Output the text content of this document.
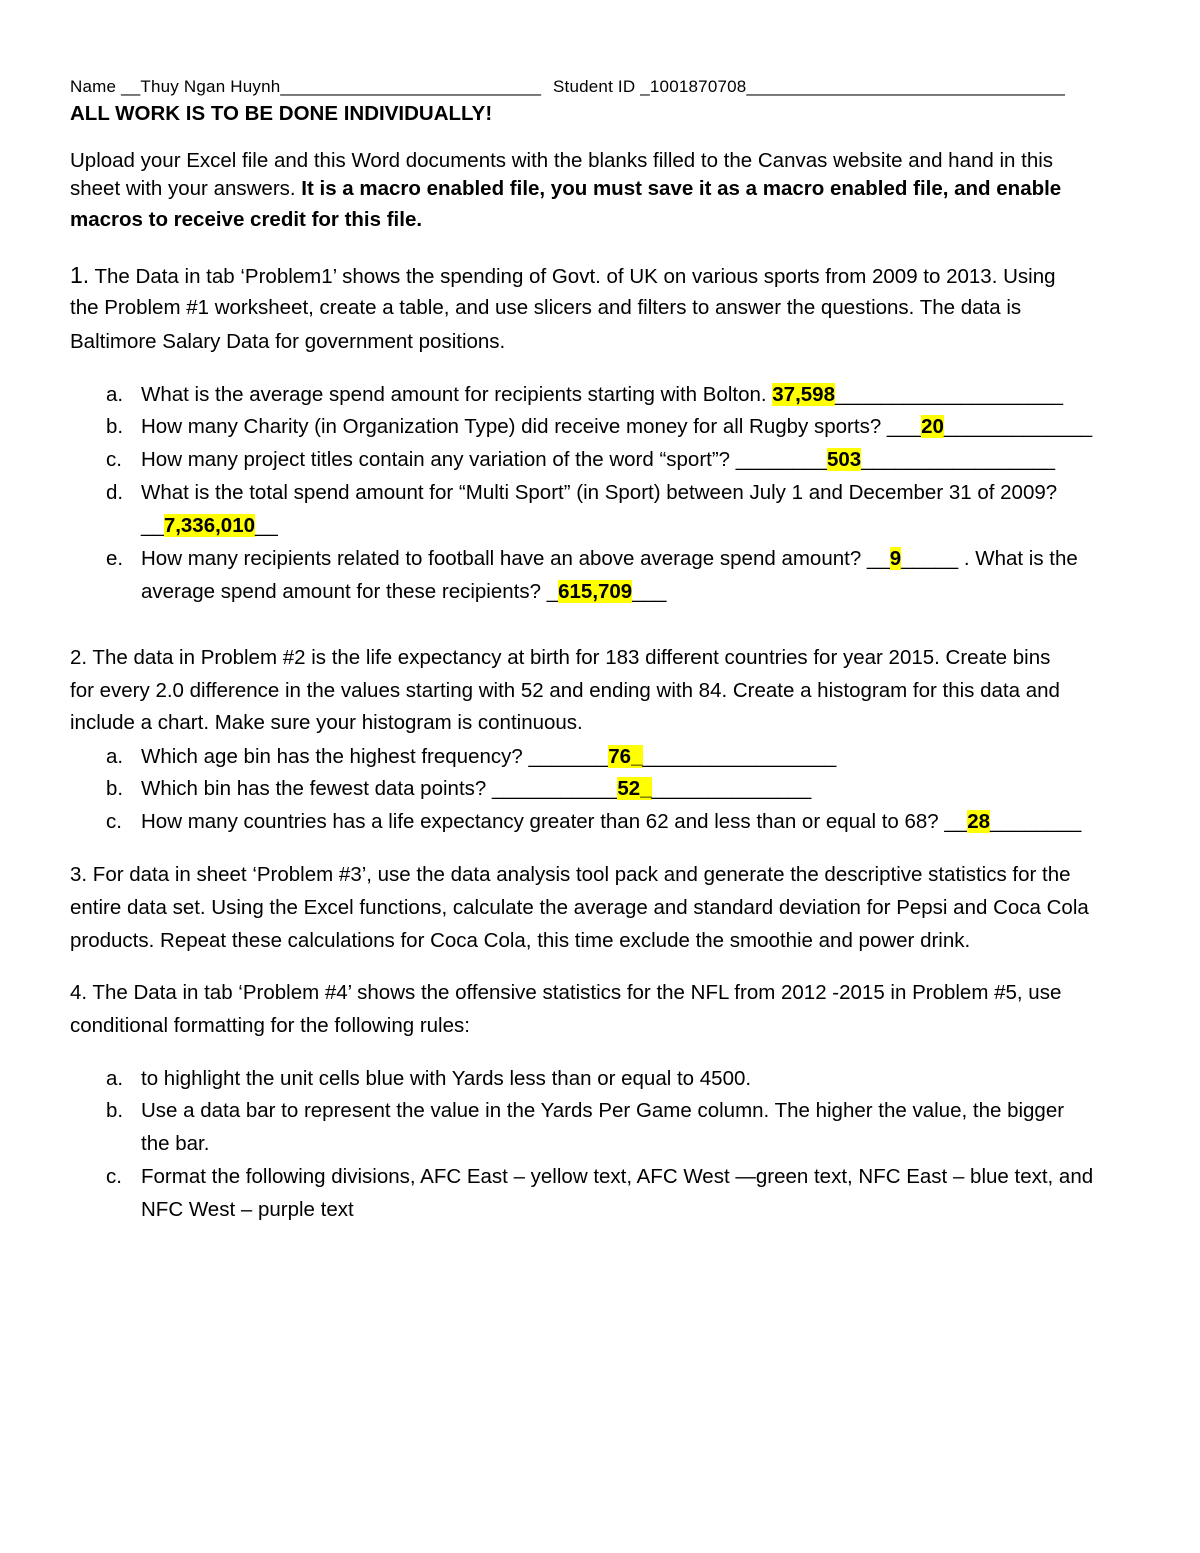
Name __Thuy Ngan Huynh___________________________ Student ID _1001870708_________________________________
ALL WORK IS TO BE DONE INDIVIDUALLY!
Upload your Excel file and this Word documents with the blanks filled to the Canvas website and hand in this
sheet with your answers. It is a macro enabled file, you must save it as a macro enabled file, and enable
macros to receive credit for this file.
1. The Data in tab ‘Problem1’ shows the spending of Govt. of UK on various sports from 2009 to 2013. Using
the Problem #1 worksheet, create a table, and use slicers and filters to answer the questions. The data is
Baltimore Salary Data for government positions.
a. What is the average spend amount for recipients starting with Bolton. 37,598____________________
b. How many Charity (in Organization Type) did receive money for all Rugby sports? ___20_____________
c. How many project titles contain any variation of the word “sport”? ________503_________________
d. What is the total spend amount for “Multi Sport” (in Sport) between July 1 and December 31 of 2009?
__7,336,010__
e. How many recipients related to football have an above average spend amount? __9_____ . What is the
average spend amount for these recipients? _615,709___
2. The data in Problem #2 is the life expectancy at birth for 183 different countries for year 2015. Create bins
for every 2.0 difference in the values starting with 52 and ending with 84. Create a histogram for this data and
include a chart. Make sure your histogram is continuous.
a. Which age bin has the highest frequency? _______76__________________
b. Which bin has the fewest data points? ___________52_______________
c. How many countries has a life expectancy greater than 62 and less than or equal to 68? __28________
3. For data in sheet ‘Problem #3’, use the data analysis tool pack and generate the descriptive statistics for the
entire data set. Using the Excel functions, calculate the average and standard deviation for Pepsi and Coca Cola
products. Repeat these calculations for Coca Cola, this time exclude the smoothie and power drink.
4. The Data in tab ‘Problem #4’ shows the offensive statistics for the NFL from 2012 -2015 in Problem #5, use
conditional formatting for the following rules:
a. to highlight the unit cells blue with Yards less than or equal to 4500.
b. Use a data bar to represent the value in the Yards Per Game column. The higher the value, the bigger
the bar.
c. Format the following divisions, AFC East – yellow text, AFC West —green text, NFC East – blue text, and
NFC West – purple text
